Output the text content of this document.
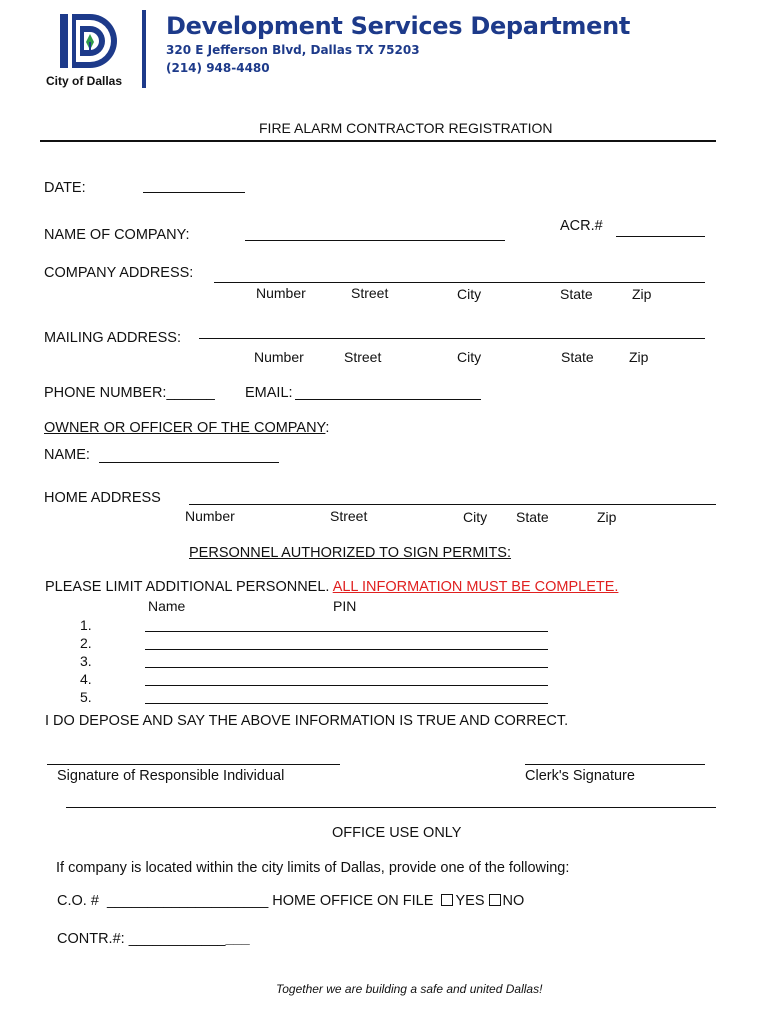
City of Dallas
Development Services Department
320 E Jefferson Blvd, Dallas TX 75203
(214) 948-4480
FIRE ALARM CONTRACTOR REGISTRATION
DATE:
ACR.#
NAME OF COMPANY:
COMPANY ADDRESS:
Number	Street	City	State	Zip
MAILING ADDRESS:
Number	Street	City	State	Zip
PHONE NUMBER:______ EMAIL:
OWNER OR OFFICER OF THE COMPANY:
NAME:
HOME ADDRESS
Number	Street	City State	Zip
PERSONNEL AUTHORIZED TO SIGN PERMITS:
PLEASE LIMIT ADDITIONAL PERSONNEL. ALL INFORMATION MUST BE COMPLETE.
Name	PIN
1.
2.
3.
4.
5.
I DO DEPOSE AND SAY THE ABOVE INFORMATION IS TRUE AND CORRECT.
Signature of Responsible Individual	Clerk's Signature
OFFICE USE ONLY
If company is located within the city limits of Dallas, provide one of the following:
C.O. # ____________________ HOME OFFICE ON FILE YES NO
CONTR.#: _______________
Together we are building a safe and united Dallas!
